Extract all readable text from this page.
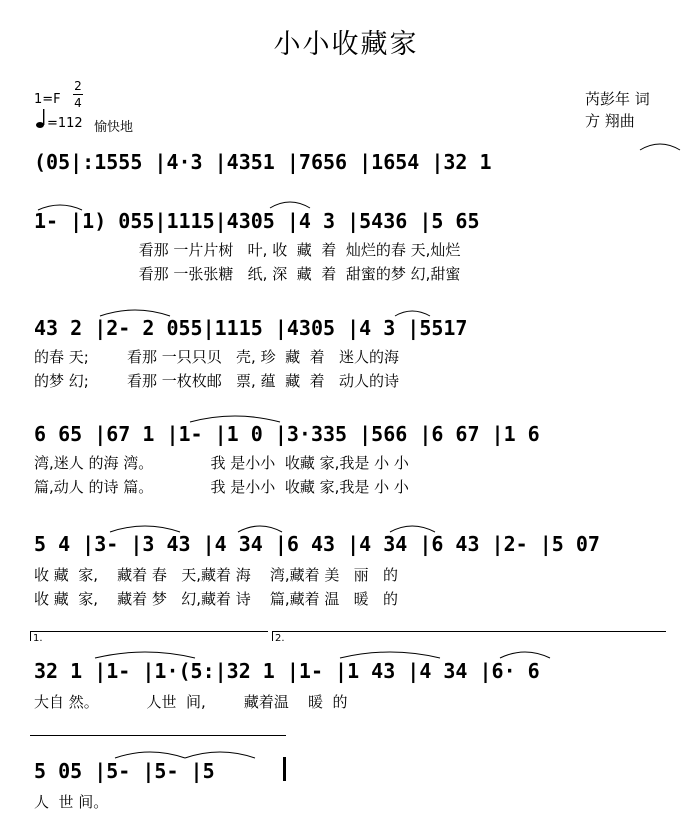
小小收藏家
1=F
2
4
=112 愉快地
芮彭年 词
方 翔曲
(05|:1555 |4·3 |4351 |7656 |1654 |32 1
1- |1) 055|1115|4305 |4 3 |5436 |5 65
看那 一片片树   叶, 收  藏  着  灿烂的春 天,灿烂
看那 一张张糖   纸, 深  藏  着  甜蜜的梦 幻,甜蜜
43 2 |2- 2 055|1115 |4305 |4 3 |5517
的春 天;        看那 一只只贝   壳, 珍  藏  着   迷人的海
的梦 幻;        看那 一枚枚邮   票, 蕴  藏  着   动人的诗
6 65 |67 1 |1- |1 0 |3·335 |566 |6 67 |1 6
湾,迷人 的海 湾。            我 是小小  收藏 家,我是 小 小
篇,动人 的诗 篇。            我 是小小  收藏 家,我是 小 小
5 4 |3- |3 43 |4 34 |6 43 |4 34 |6 43 |2- |5 07
收 藏  家,    藏着 春   天,藏着 海    湾,藏着 美   丽   的
收 藏  家,    藏着 梦   幻,藏着 诗    篇,藏着 温   暖   的
1.	2.
32 1 |1- |1·(5:|32 1 |1- |1 43 |4 34 |6· 6
大自 然。          人世  间,        藏着温    暖  的
5 05 |5- |5- |5
人  世 间。
